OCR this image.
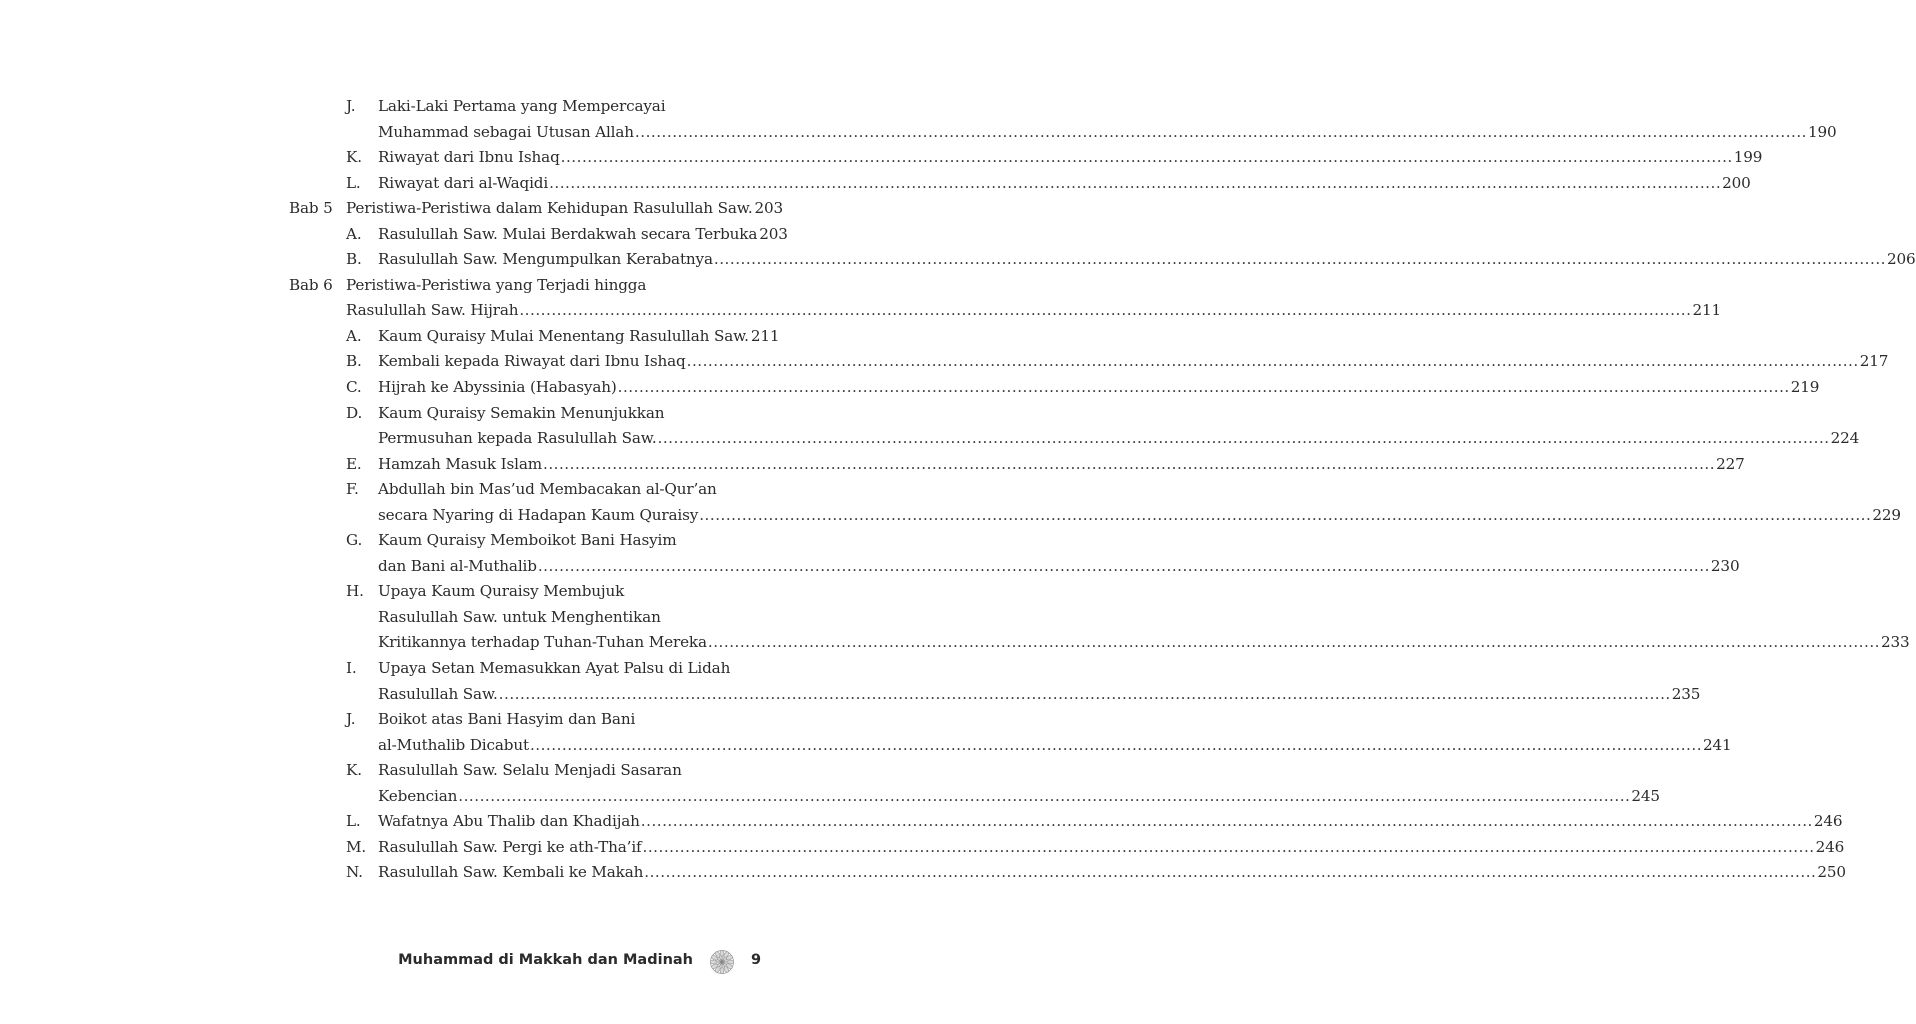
J. Laki-Laki Pertama yang Mempercayai
Muhammad sebagai Utusan Allah ............................................................................................................................................................................................................................ 190
K. Riwayat dari Ibnu Ishaq ............................................................................................................................................................................................................................ 199
L. Riwayat dari al-Waqidi ............................................................................................................................................................................................................................ 200
Bab 5 Peristiwa-Peristiwa dalam Kehidupan Rasulullah Saw. 203
A. Rasulullah Saw. Mulai Berdakwah secara Terbuka 203
B. Rasulullah Saw. Mengumpulkan Kerabatnya ............................................................................................................................................................................................................................ 206
Bab 6 Peristiwa-Peristiwa yang Terjadi hingga
Rasulullah Saw. Hijrah ............................................................................................................................................................................................................................ 211
A. Kaum Quraisy Mulai Menentang Rasulullah Saw. 211
B. Kembali kepada Riwayat dari Ibnu Ishaq ............................................................................................................................................................................................................................ 217
C. Hijrah ke Abyssinia (Habasyah) ............................................................................................................................................................................................................................ 219
D. Kaum Quraisy Semakin Menunjukkan
Permusuhan kepada Rasulullah Saw. ............................................................................................................................................................................................................................ 224
E. Hamzah Masuk Islam ............................................................................................................................................................................................................................ 227
F. Abdullah bin Mas’ud Membacakan al-Qur’an
secara Nyaring di Hadapan Kaum Quraisy ............................................................................................................................................................................................................................ 229
G. Kaum Quraisy Memboikot Bani Hasyim
dan Bani al-Muthalib ............................................................................................................................................................................................................................ 230
H. Upaya Kaum Quraisy Membujuk
Rasulullah Saw. untuk Menghentikan
Kritikannya terhadap Tuhan-Tuhan Mereka ............................................................................................................................................................................................................................ 233
I. Upaya Setan Memasukkan Ayat Palsu di Lidah
Rasulullah Saw. ............................................................................................................................................................................................................................ 235
J. Boikot atas Bani Hasyim dan Bani
al-Muthalib Dicabut ............................................................................................................................................................................................................................ 241
K. Rasulullah Saw. Selalu Menjadi Sasaran
Kebencian ............................................................................................................................................................................................................................ 245
L. Wafatnya Abu Thalib dan Khadijah ............................................................................................................................................................................................................................ 246
M. Rasulullah Saw. Pergi ke ath-Tha’if ............................................................................................................................................................................................................................ 246
N. Rasulullah Saw. Kembali ke Makah ............................................................................................................................................................................................................................ 250
Muhammad di Makkah dan Madinah	9
